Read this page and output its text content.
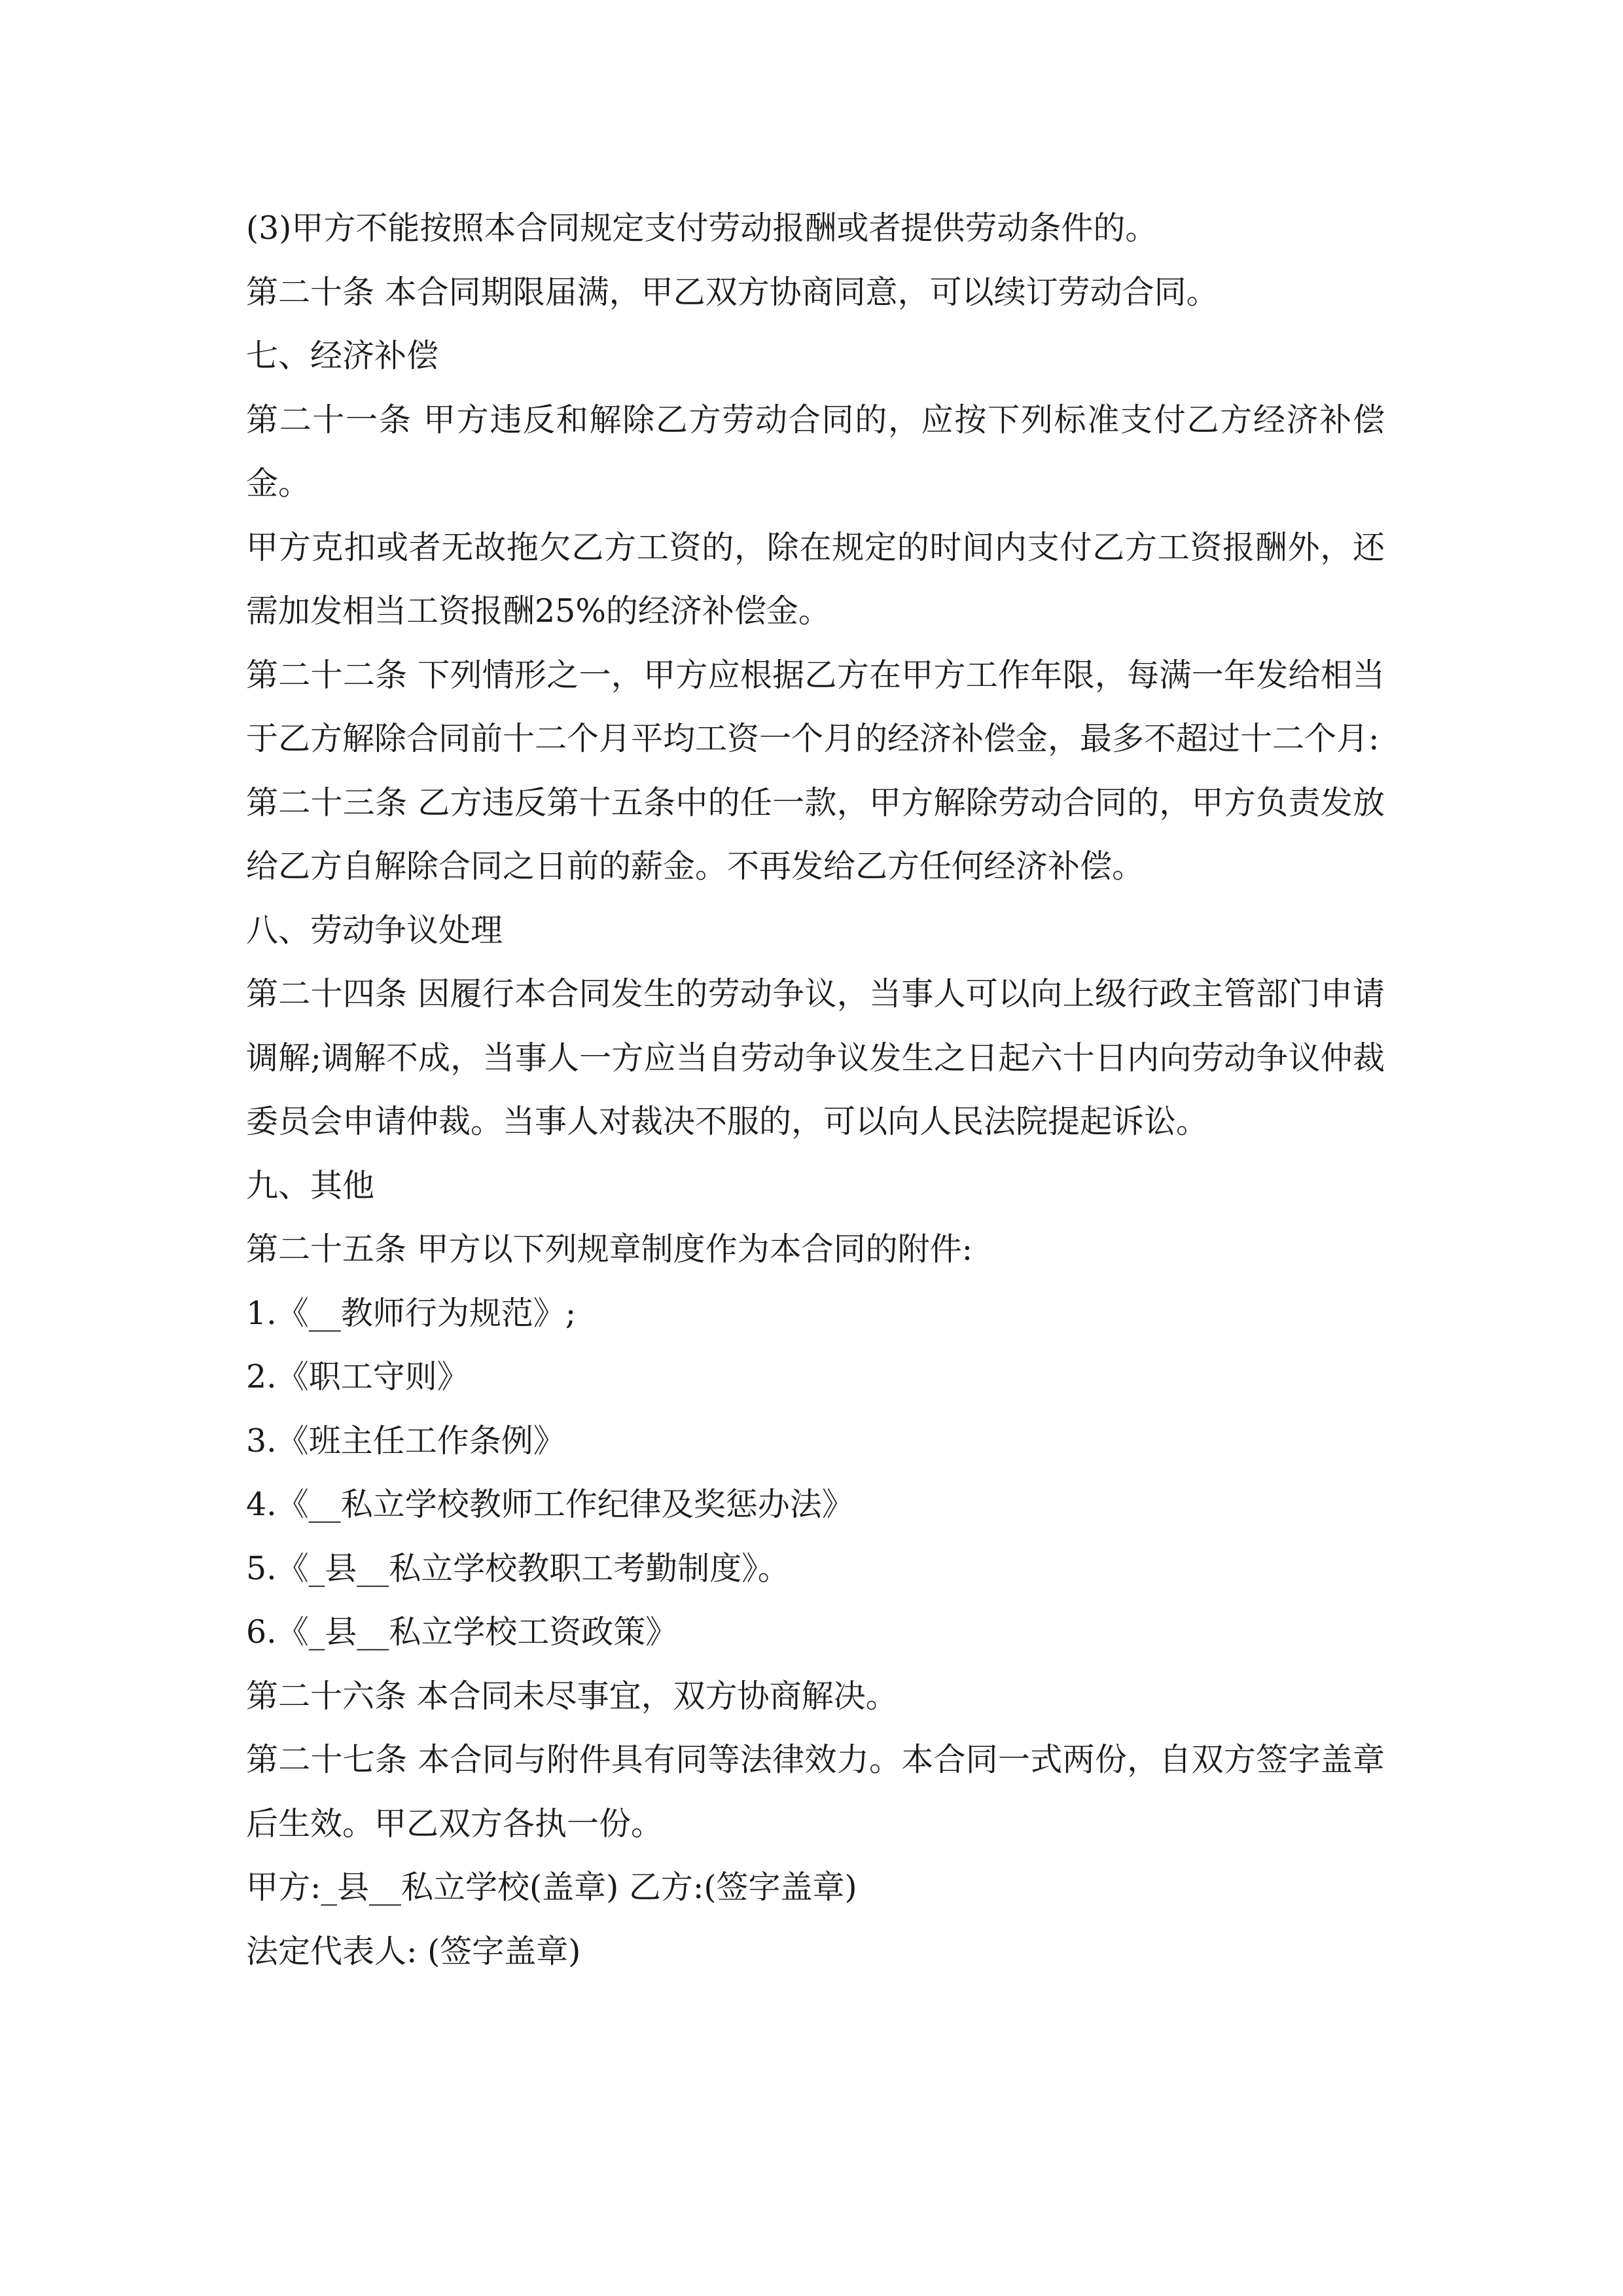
(3)甲方不能按照本合同规定支付劳动报酬或者提供劳动条件的。

第二十条 本合同期限届满，甲乙双方协商同意，可以续订劳动合同。

七、经济补偿

第二十一条 甲方违反和解除乙方劳动合同的，应按下列标准支付乙方经济补偿金。

甲方克扣或者无故拖欠乙方工资的，除在规定的时间内支付乙方工资报酬外，还需加发相当工资报酬25%的经济补偿金。

第二十二条 下列情形之一，甲方应根据乙方在甲方工作年限，每满一年发给相当于乙方解除合同前十二个月平均工资一个月的经济补偿金，最多不超过十二个月:

第二十三条 乙方违反第十五条中的任一款，甲方解除劳动合同的，甲方负责发放给乙方自解除合同之日前的薪金。不再发给乙方任何经济补偿。

八、劳动争议处理

第二十四条 因履行本合同发生的劳动争议，当事人可以向上级行政主管部门申请调解;调解不成，当事人一方应当自劳动争议发生之日起六十日内向劳动争议仲裁委员会申请仲裁。当事人对裁决不服的，可以向人民法院提起诉讼。

九、其他

第二十五条 甲方以下列规章制度作为本合同的附件:

1.《__教师行为规范》;

2.《职工守则》

3.《班主任工作条例》

4.《__私立学校教师工作纪律及奖惩办法》

5.《_县__私立学校教职工考勤制度》。

6.《_县__私立学校工资政策》

第二十六条 本合同未尽事宜，双方协商解决。

第二十七条 本合同与附件具有同等法律效力。本合同一式两份，自双方签字盖章后生效。甲乙双方各执一份。

甲方:_县__私立学校(盖章) 乙方:(签字盖章)

法定代表人: (签字盖章)
